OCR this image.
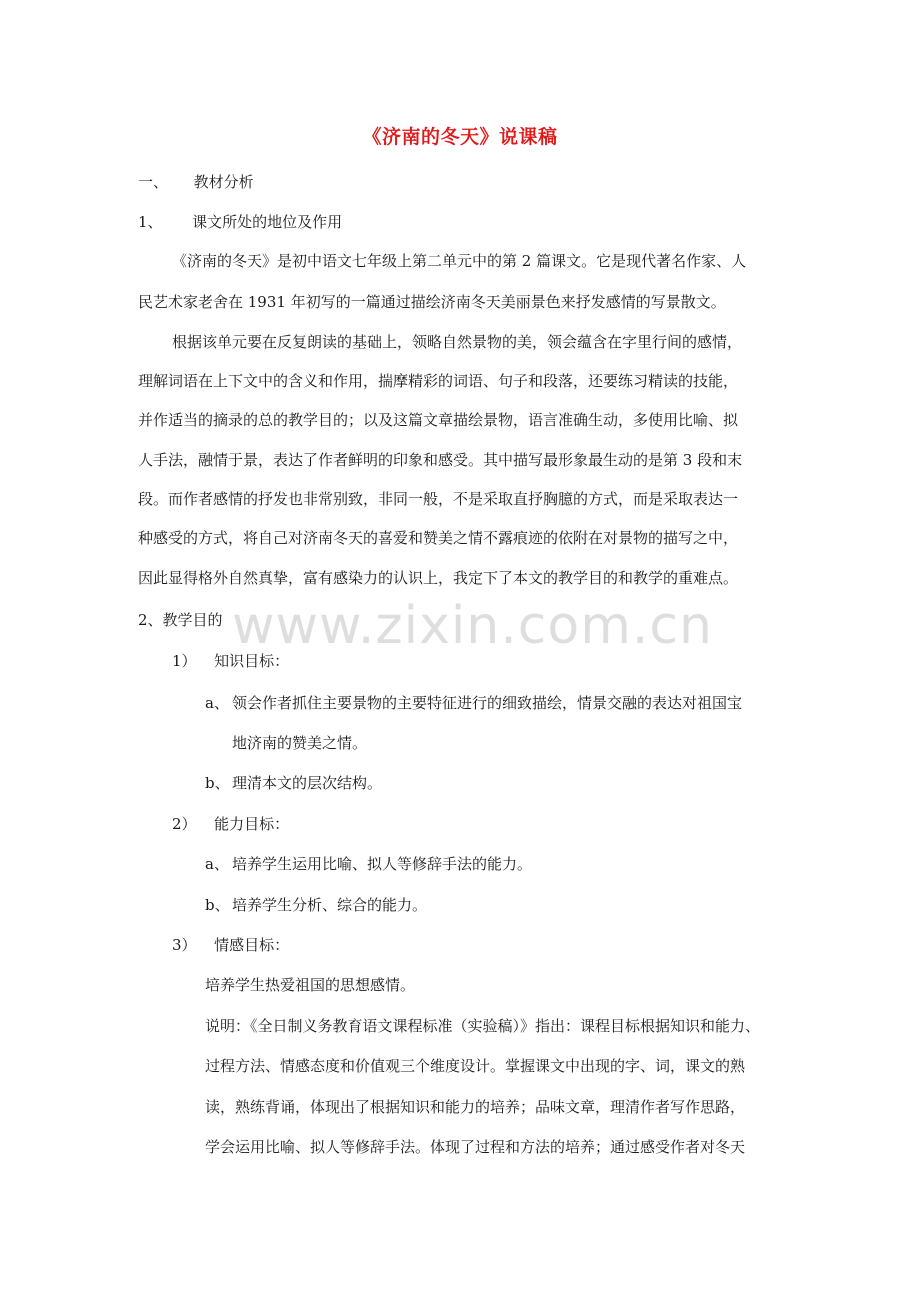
《济南的冬天》说课稿
一、 教材分析
1、 课文所处的地位及作用
《济南的冬天》是初中语文七年级上第二单元中的第 2 篇课文。它是现代著名作家、人
民艺术家老舍在 1931 年初写的一篇通过描绘济南冬天美丽景色来抒发感情的写景散文。
根据该单元要在反复朗读的基础上，领略自然景物的美，领会蕴含在字里行间的感情，
理解词语在上下文中的含义和作用，揣摩精彩的词语、句子和段落，还要练习精读的技能，
并作适当的摘录的总的教学目的；以及这篇文章描绘景物，语言准确生动，多使用比喻、拟
人手法，融情于景，表达了作者鲜明的印象和感受。其中描写最形象最生动的是第 3 段和末
段。而作者感情的抒发也非常别致，非同一般，不是采取直抒胸臆的方式，而是采取表达一
种感受的方式，将自己对济南冬天的喜爱和赞美之情不露痕迹的依附在对景物的描写之中，
因此显得格外自然真挚，富有感染力的认识上，我定下了本文的教学目的和教学的重难点。
2、教学目的 www.zixin.com.cn
1） 知识目标：
a、 领会作者抓住主要景物的主要特征进行的细致描绘，情景交融的表达对祖国宝
地济南的赞美之情。
b、 理清本文的层次结构。
2） 能力目标：
a、 培养学生运用比喻、拟人等修辞手法的能力。
b、 培养学生分析、综合的能力。
3） 情感目标：
培养学生热爱祖国的思想感情。
说明：《全日制义务教育语文课程标准（实验稿）》指出：课程目标根据知识和能力、
过程方法、情感态度和价值观三个维度设计。掌握课文中出现的字、词，课文的熟
读，熟练背诵，体现出了根据知识和能力的培养；品味文章，理清作者写作思路，
学会运用比喻、拟人等修辞手法。体现了过程和方法的培养；通过感受作者对冬天
